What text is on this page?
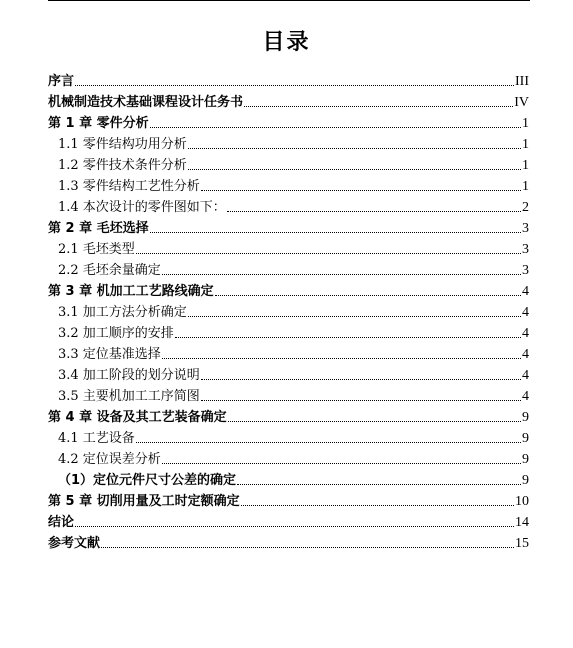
目录
序言	III
机械制造技术基础课程设计任务书	IV
第 1 章 零件分析	1
1.1 零件结构功用分析	1
1.2 零件技术条件分析	1
1.3 零件结构工艺性分析	1
1.4 本次设计的零件图如下：	2
第 2 章 毛坯选择	3
2.1 毛坯类型	3
2.2 毛坯余量确定	3
第 3 章 机加工工艺路线确定	4
3.1 加工方法分析确定	4
3.2 加工顺序的安排	4
3.3 定位基准选择	4
3.4 加工阶段的划分说明	4
3.5 主要机加工工序简图	4
第 4 章 设备及其工艺装备确定	9
4.1 工艺设备	9
4.2 定位误差分析	9
（1）定位元件尺寸公差的确定	9
第 5 章 切削用量及工时定额确定	10
结论	14
参考文献	15
